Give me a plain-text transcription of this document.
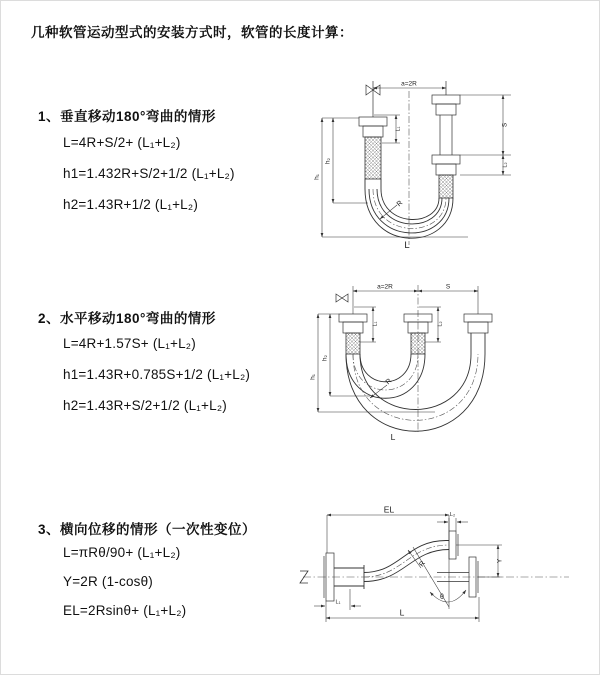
几种软管运动型式的安装方式时，软管的长度计算：
1、垂直移动180°弯曲的情形
L=4R+S/2+ (L₁+L₂)
h1=1.432R+S/2+1/2 (L₁+L₂)
h2=1.43R+1/2 (L₁+L₂)
a=2R
S
L₂
L₁
h₂
h₁
R
L
2、水平移动180°弯曲的情形
L=4R+1.57S+ (L₁+L₂)
h1=1.43R+0.785S+1/2 (L₁+L₂)
h2=1.43R+S/2+1/2 (L₁+L₂)
a=2R	S
L₁	L₂
h₂
h₁
R
L
3、横向位移的情形（一次性变位）
L=πRθ/90+ (L₁+L₂)
Y=2R (1-cosθ)
EL=2Rsinθ+ (L₁+L₂)
EL
L₂
Y
L₁
L
R
θ
